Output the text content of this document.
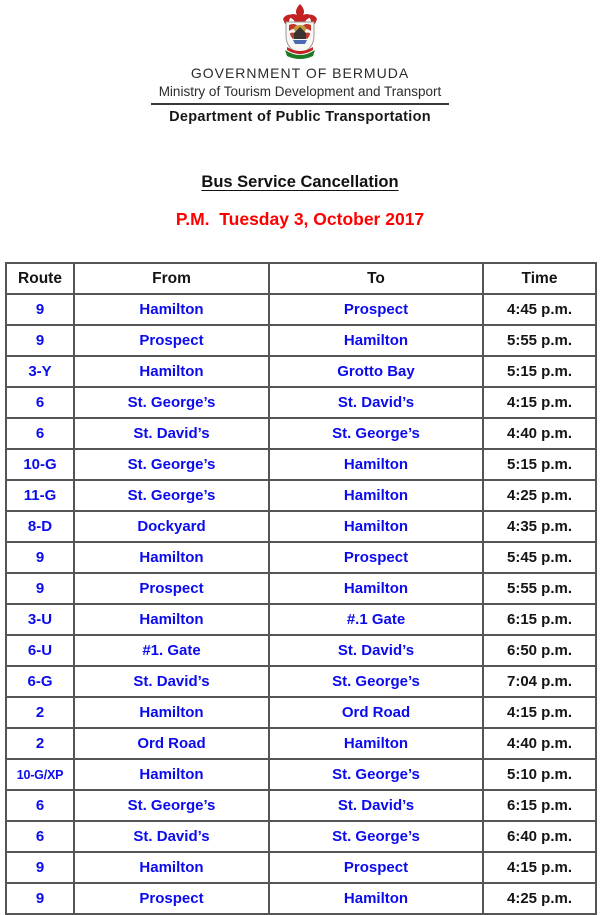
GOVERNMENT OF BERMUDA
Ministry of Tourism Development and Transport
Department of Public Transportation
Bus Service Cancellation
P.M.  Tuesday 3, October 2017
Route	From	To	Time
9	Hamilton	Prospect	4:45 p.m.
9	Prospect	Hamilton	5:55 p.m.
3-Y	Hamilton	Grotto Bay	5:15 p.m.
6	St. George’s	St. David’s	4:15 p.m.
6	St. David’s	St. George’s	4:40 p.m.
10-G	St. George’s	Hamilton	5:15 p.m.
11-G	St. George’s	Hamilton	4:25 p.m.
8-D	Dockyard	Hamilton	4:35 p.m.
9	Hamilton	Prospect	5:45 p.m.
9	Prospect	Hamilton	5:55 p.m.
3-U	Hamilton	#.1 Gate	6:15 p.m.
6-U	#1. Gate	St. David’s	6:50 p.m.
6-G	St. David’s	St. George’s	7:04 p.m.
2	Hamilton	Ord Road	4:15 p.m.
2	Ord Road	Hamilton	4:40 p.m.
10-G/XP	Hamilton	St. George’s	5:10 p.m.
6	St. George’s	St. David’s	6:15 p.m.
6	St. David’s	St. George’s	6:40 p.m.
9	Hamilton	Prospect	4:15 p.m.
9	Prospect	Hamilton	4:25 p.m.
